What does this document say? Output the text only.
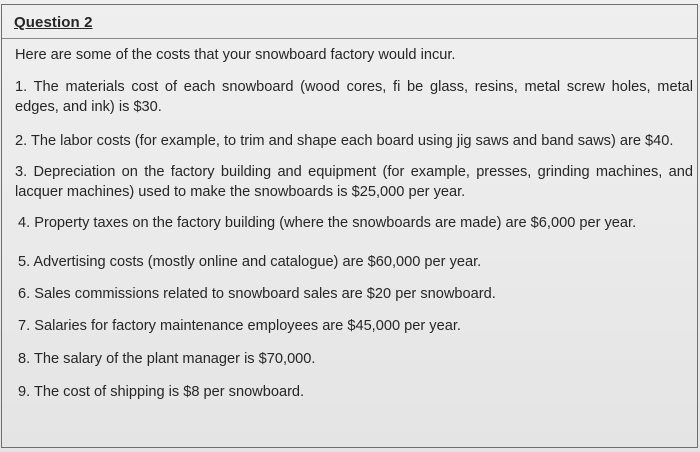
Question 2
Here are some of the costs that your snowboard factory would incur.
1. The materials cost of each snowboard (wood cores, fi be glass, resins, metal screw holes, metal edges, and ink) is $30.
2. The labor costs (for example, to trim and shape each board using jig saws and band saws) are $40.
3. Depreciation on the factory building and equipment (for example, presses, grinding machines, and lacquer machines) used to make the snowboards is $25,000 per year.
4. Property taxes on the factory building (where the snowboards are made) are $6,000 per year.
5. Advertising costs (mostly online and catalogue) are $60,000 per year.
6. Sales commissions related to snowboard sales are $20 per snowboard.
7. Salaries for factory maintenance employees are $45,000 per year.
8. The salary of the plant manager is $70,000.
9. The cost of shipping is $8 per snowboard.
